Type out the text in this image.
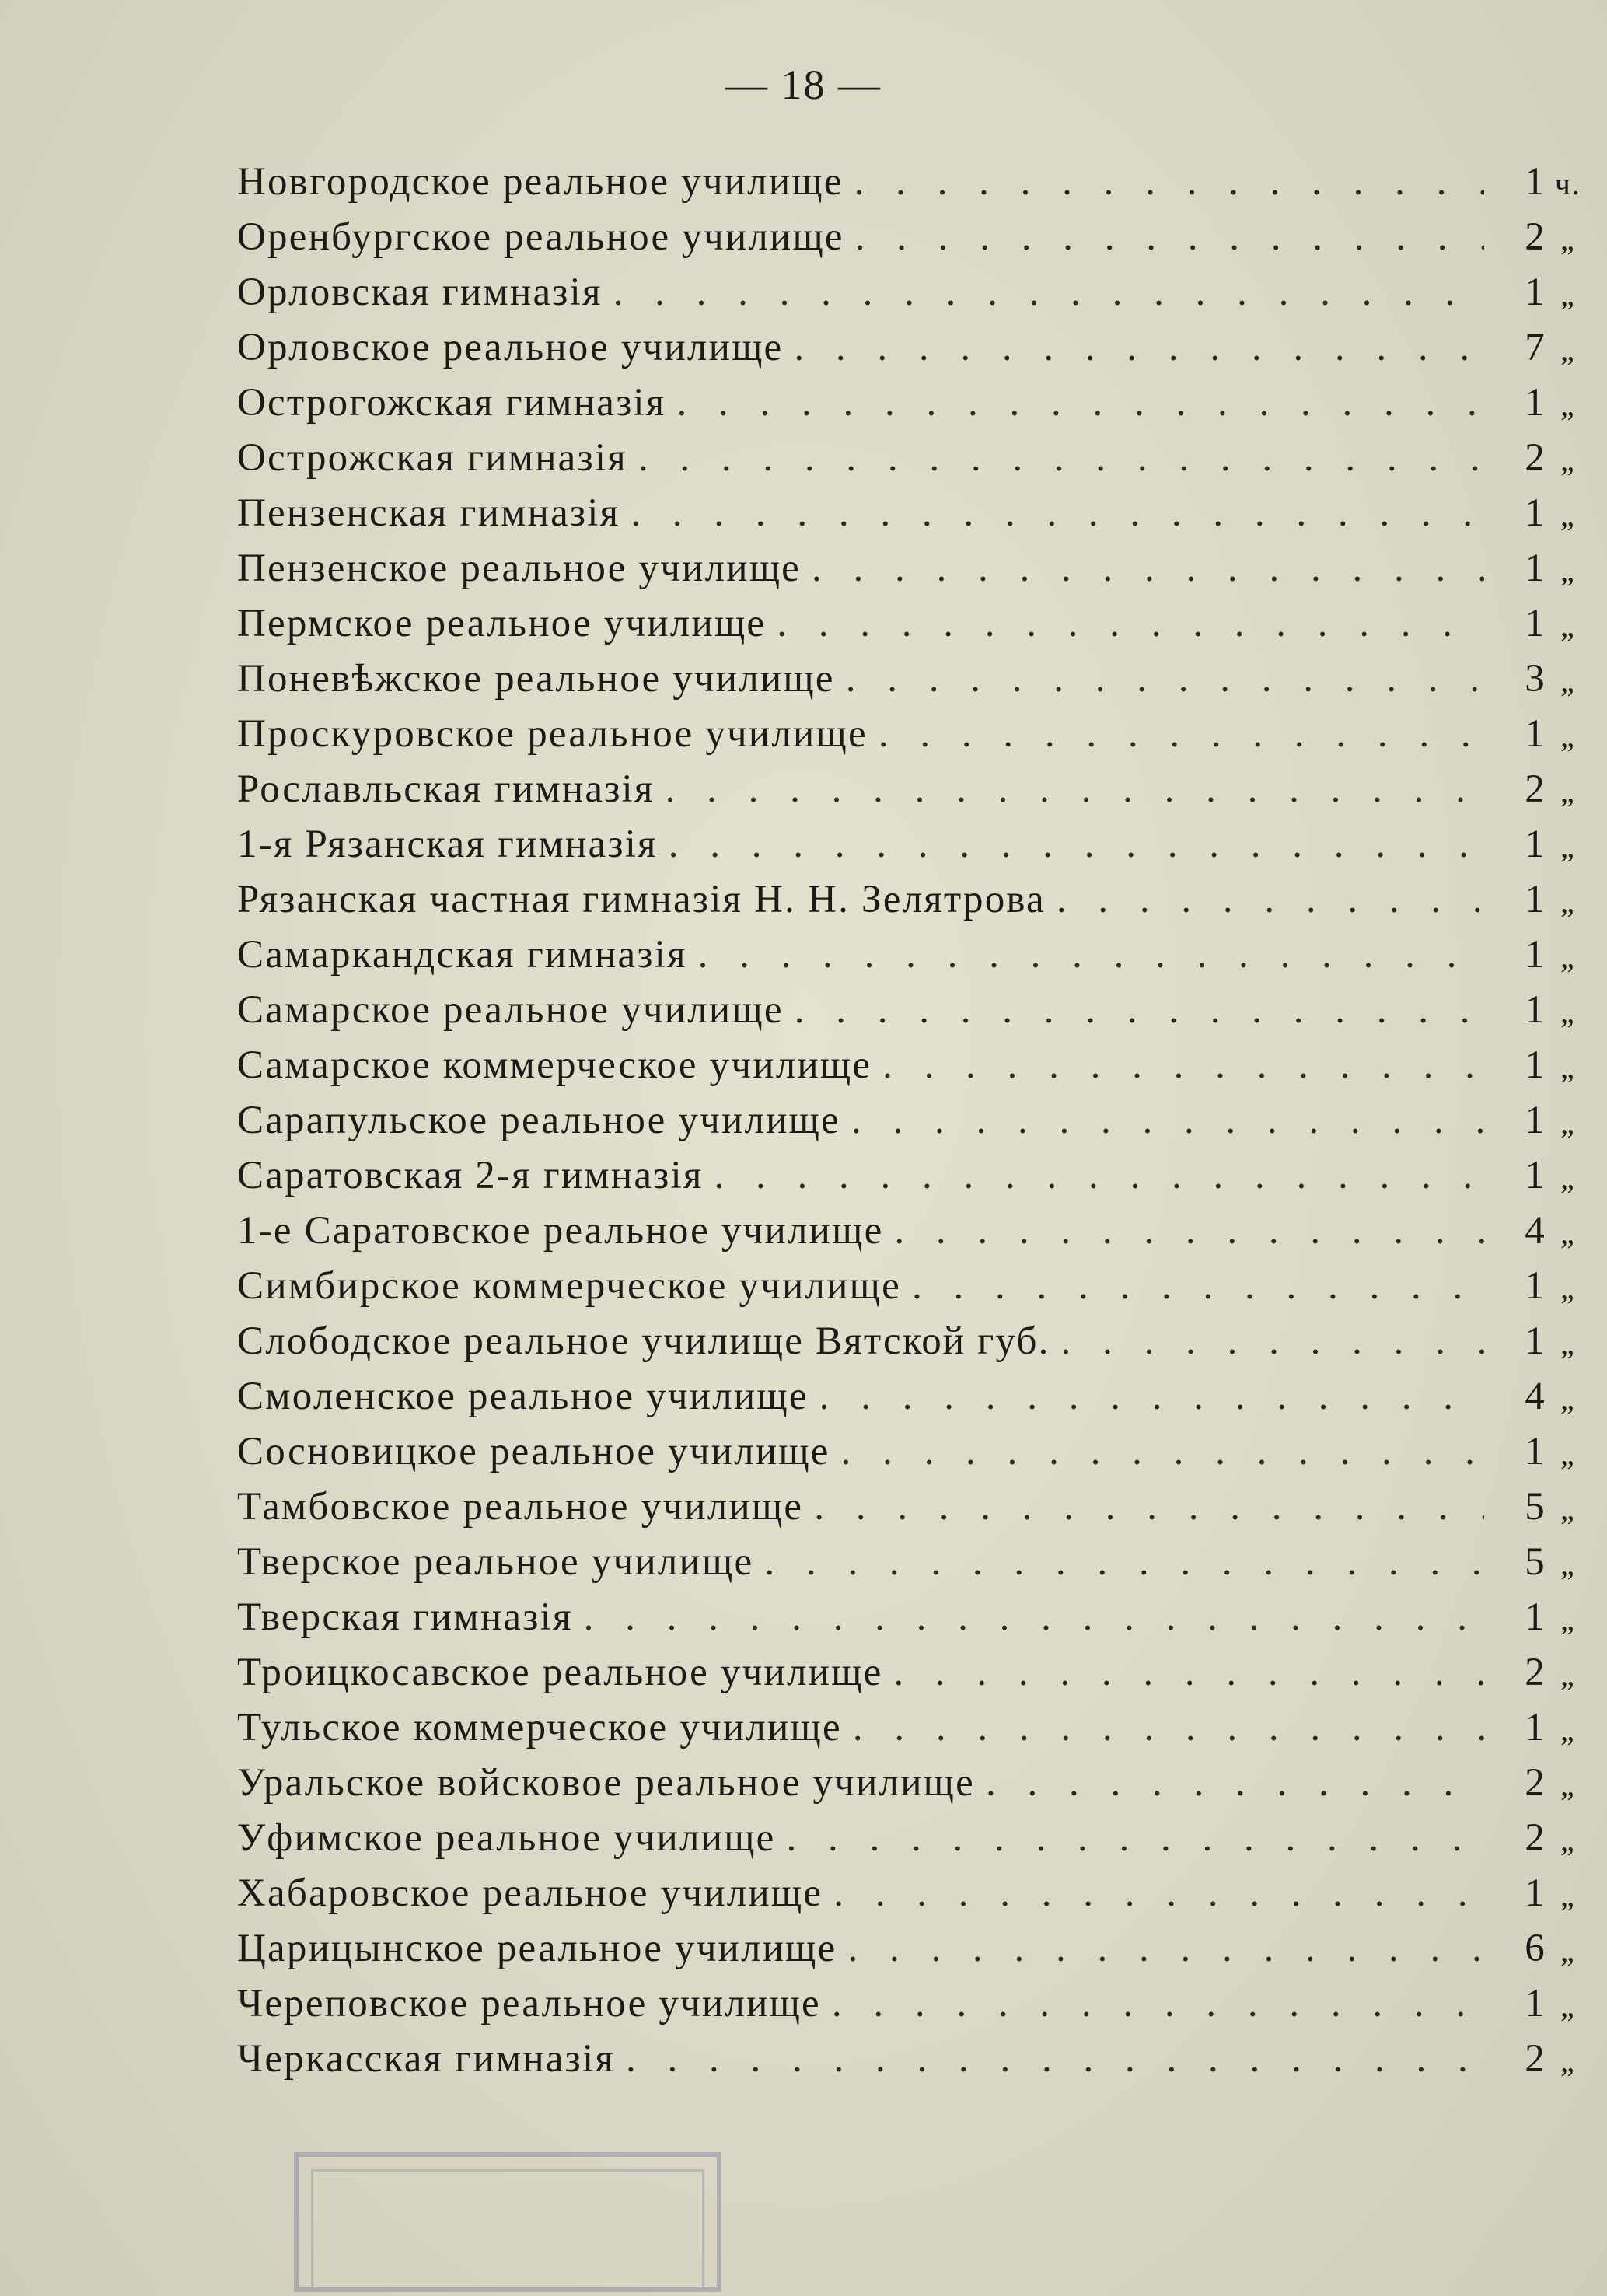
— 18 —
Новгородское реальное училище . . .	1 ч.
Оренбургское реальное училище . . .	2 „
Орловская гимназія . . .	1 „
Орловское реальное училище . . .	7 „
Острогожская гимназія . . .	1 „
Острожская гимназія . . .	2 „
Пензенская гимназія . . .	1 „
Пензенское реальное училище . . .	1 „
Пермское реальное училище . . .	1 „
Поневѣжское реальное училище . . .	3 „
Проскуровское реальное училище . . .	1 „
Рославльская гимназія . . .	2 „
1-я Рязанская гимназія . . .	1 „
Рязанская частная гимназія Н. Н. Зелятрова . . .	1 „
Самаркандская гимназія . . .	1 „
Самарское реальное училище . . .	1 „
Самарское коммерческое училище . . .	1 „
Сарапульское реальное училище . . .	1 „
Саратовская 2-я гимназія . . .	1 „
1-е Саратовское реальное училище . . .	4 „
Симбирское коммерческое училище . . .	1 „
Слободское реальное училище Вятской губ. . . .	1 „
Смоленское реальное училище . . .	4 „
Сосновицкое реальное училище . . .	1 „
Тамбовское реальное училище . . .	5 „
Тверское реальное училище . . .	5 „
Тверская гимназія . . .	1 „
Троицкосавское реальное училище . . .	2 „
Тульское коммерческое училище . . .	1 „
Уральское войсковое реальное училище . . .	2 „
Уфимское реальное училище . . .	2 „
Хабаровское реальное училище . . .	1 „
Царицынское реальное училище . . .	6 „
Череповское реальное училище . . .	1 „
Черкасская гимназія . . .	2 „
